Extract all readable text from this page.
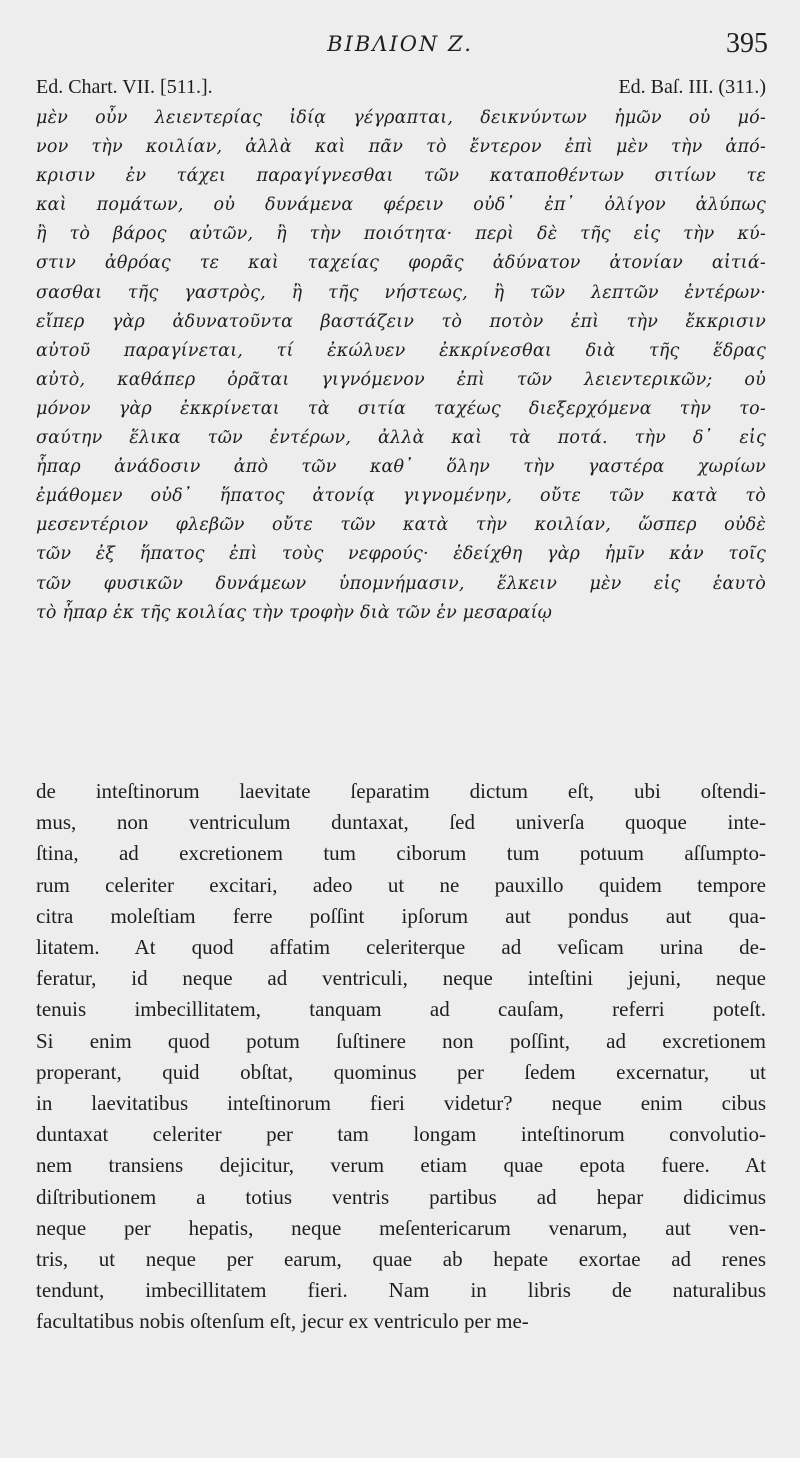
BIBΛION Z.	395
Ed. Chart. VII. [511.].	Ed. Baſ. III. (311.)
μὲν οὖν λειεντερίας ἰδίᾳ γέγραπται, δεικνύντων ἡμῶν οὐ μό-
νον τὴν κοιλίαν, ἀλλὰ καὶ πᾶν τὸ ἔντερον ἐπὶ μὲν τὴν ἀπό-
κρισιν ἐν τάχει παραγίγνεσθαι τῶν καταποθέντων σιτίων τε
καὶ πομάτων, οὐ δυνάμενα φέρειν οὐδ᾽ ἐπ᾽ ὀλίγον ἀλύπως
ἢ τὸ βάρος αὐτῶν, ἢ τὴν ποιότητα· περὶ δὲ τῆς εἰς τὴν κύ-
στιν ἀθρόας τε καὶ ταχείας φορᾶς ἀδύνατον ἀτονίαν αἰτιά-
σασθαι τῆς γαστρὸς, ἢ τῆς νήστεως, ἢ τῶν λεπτῶν ἐντέρων·
εἴπερ γὰρ ἀδυνατοῦντα βαστάζειν τὸ ποτὸν ἐπὶ τὴν ἔκκρισιν
αὐτοῦ παραγίνεται, τί ἐκώλυεν ἐκκρίνεσθαι διὰ τῆς ἕδρας
αὐτὸ, καθάπερ ὁρᾶται γιγνόμενον ἐπὶ τῶν λειεντερικῶν; οὐ
μόνον γὰρ ἐκκρίνεται τὰ σιτία ταχέως διεξερχόμενα τὴν το-
σαύτην ἕλικα τῶν ἐντέρων, ἀλλὰ καὶ τὰ ποτά. τὴν δ᾽ εἰς
ἧπαρ ἀνάδοσιν ἀπὸ τῶν καθ᾽ ὅλην τὴν γαστέρα χωρίων
ἐμάθομεν οὐδ᾽ ἥπατος ἀτονίᾳ γιγνομένην, οὔτε τῶν κατὰ τὸ
μεσεντέριον φλεβῶν οὔτε τῶν κατὰ τὴν κοιλίαν, ὥσπερ οὐδὲ
τῶν ἐξ ἥπατος ἐπὶ τοὺς νεφρούς· ἐδείχθη γὰρ ἡμῖν κἀν τοῖς
τῶν φυσικῶν δυνάμεων ὑπομνήμασιν, ἕλκειν μὲν εἰς ἑαυτὸ
τὸ ἧπαρ ἐκ τῆς κοιλίας τὴν τροφὴν διὰ τῶν ἐν μεσαραίῳ
de inteſtinorum laevitate ſeparatim dictum eſt, ubi oſtendi-
mus, non ventriculum duntaxat, ſed univerſa quoque inte-
ſtina, ad excretionem tum ciborum tum potuum aſſumpto-
rum celeriter excitari, adeo ut ne pauxillo quidem tempore
citra moleſtiam ferre poſſint ipſorum aut pondus aut qua-
litatem. At quod affatim celeriterque ad veſicam urina de-
feratur, id neque ad ventriculi, neque inteſtini jejuni, neque
tenuis imbecillitatem, tanquam ad cauſam, referri poteſt.
Si enim quod potum ſuſtinere non poſſint, ad excretionem
properant, quid obſtat, quominus per ſedem excernatur, ut
in laevitatibus inteſtinorum fieri videtur? neque enim cibus
duntaxat celeriter per tam longam inteſtinorum convolutio-
nem transiens dejicitur, verum etiam quae epota fuere. At
diſtributionem a totius ventris partibus ad hepar didicimus
neque per hepatis, neque meſentericarum venarum, aut ven-
tris, ut neque per earum, quae ab hepate exortae ad renes
tendunt, imbecillitatem fieri. Nam in libris de naturalibus
facultatibus nobis oſtenſum eſt, jecur ex ventriculo per me-
